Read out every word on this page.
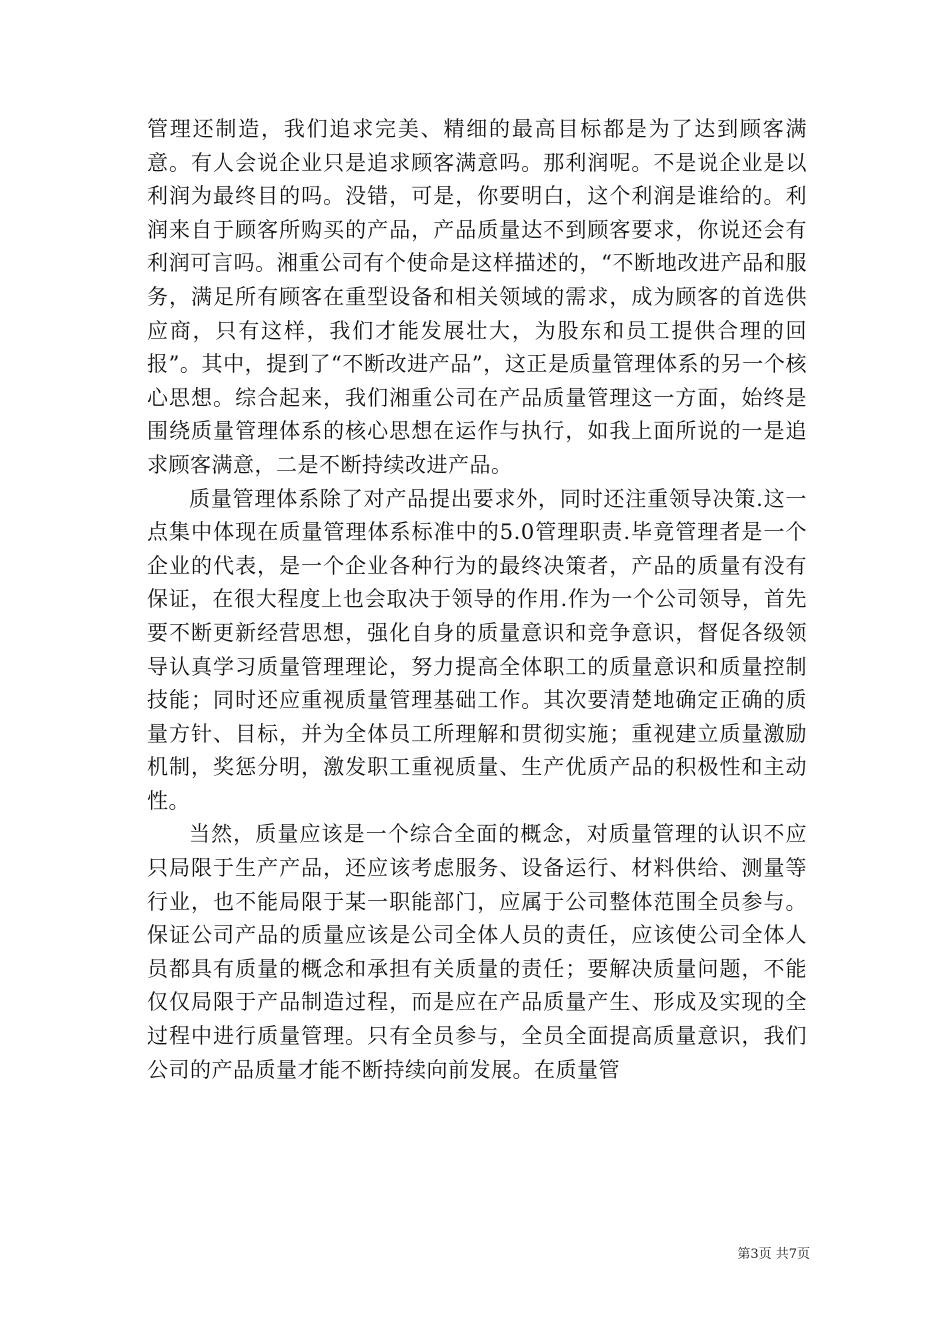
管理还制造，我们追求完美、精细的最高目标都是为了达到顾客满意。有人会说企业只是追求顾客满意吗。那利润呢。不是说企业是以利润为最终目的吗。没错，可是，你要明白，这个利润是谁给的。利润来自于顾客所购买的产品，产品质量达不到顾客要求，你说还会有利润可言吗。湘重公司有个使命是这样描述的，“不断地改进产品和服务，满足所有顾客在重型设备和相关领域的需求，成为顾客的首选供应商，只有这样，我们才能发展壮大，为股东和员工提供合理的回报”。其中，提到了“不断改进产品”，这正是质量管理体系的另一个核心思想。综合起来，我们湘重公司在产品质量管理这一方面，始终是围绕质量管理体系的核心思想在运作与执行，如我上面所说的一是追求顾客满意，二是不断持续改进产品。

质量管理体系除了对产品提出要求外，同时还注重领导决策.这一点集中体现在质量管理体系标准中的5.0管理职责.毕竟管理者是一个企业的代表，是一个企业各种行为的最终决策者，产品的质量有没有保证，在很大程度上也会取决于领导的作用.作为一个公司领导，首先要不断更新经营思想，强化自身的质量意识和竞争意识，督促各级领导认真学习质量管理理论，努力提高全体职工的质量意识和质量控制技能；同时还应重视质量管理基础工作。其次要清楚地确定正确的质量方针、目标，并为全体员工所理解和贯彻实施；重视建立质量激励机制，奖惩分明，激发职工重视质量、生产优质产品的积极性和主动性。

当然，质量应该是一个综合全面的概念，对质量管理的认识不应只局限于生产产品，还应该考虑服务、设备运行、材料供给、测量等行业，也不能局限于某一职能部门，应属于公司整体范围全员参与。保证公司产品的质量应该是公司全体人员的责任，应该使公司全体人员都具有质量的概念和承担有关质量的责任；要解决质量问题，不能仅仅局限于产品制造过程，而是应在产品质量产生、形成及实现的全过程中进行质量管理。只有全员参与，全员全面提高质量意识，我们公司的产品质量才能不断持续向前发展。在质量管

第3页 共7页
